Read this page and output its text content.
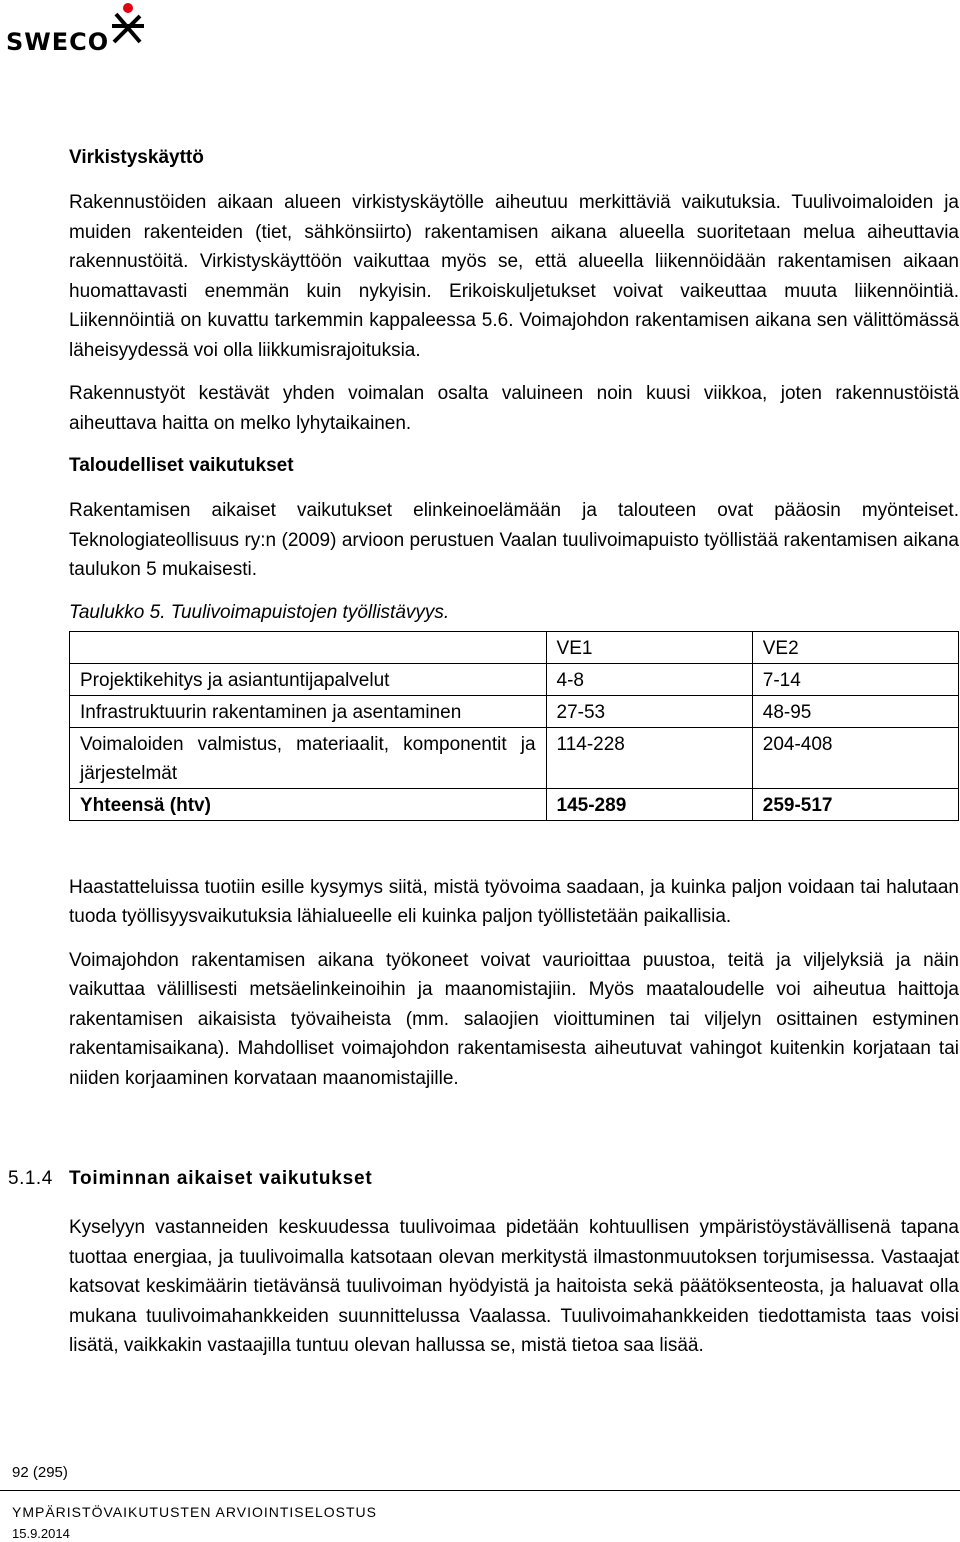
SWECO
Virkistyskäyttö

Rakennustöiden aikaan alueen virkistyskäytölle aiheutuu merkittäviä vaikutuksia. Tuulivoimaloiden ja muiden rakenteiden (tiet, sähkönsiirto) rakentamisen aikana alueella suoritetaan melua aiheuttavia rakennustöitä. Virkistyskäyttöön vaikuttaa myös se, että alueella liikennöidään rakentamisen aikaan huomattavasti enemmän kuin nykyisin. Erikoiskuljetukset voivat vaikeuttaa muuta liikennöintiä. Liikennöintiä on kuvattu tarkemmin kappaleessa 5.6. Voimajohdon rakentamisen aikana sen välittömässä läheisyydessä voi olla liikkumisrajoituksia.

Rakennustyöt kestävät yhden voimalan osalta valuineen noin kuusi viikkoa, joten rakennustöistä aiheuttava haitta on melko lyhytaikainen.

Taloudelliset vaikutukset

Rakentamisen aikaiset vaikutukset elinkeinoelämään ja talouteen ovat pääosin myönteiset. Teknologiateollisuus ry:n (2009) arvioon perustuen Vaalan tuulivoimapuisto työllistää rakentamisen aikana taulukon 5 mukaisesti.

Taulukko 5. Tuulivoimapuistojen työllistävyys.
	VE1	VE2
Projektikehitys ja asiantuntijapalvelut	4-8	7-14
Infrastruktuurin rakentaminen ja asentaminen	27-53	48-95
Voimaloiden valmistus, materiaalit, komponentit ja järjestelmät	114-228	204-408
Yhteensä (htv)	145-289	259-517

Haastatteluissa tuotiin esille kysymys siitä, mistä työvoima saadaan, ja kuinka paljon voidaan tai halutaan tuoda työllisyysvaikutuksia lähialueelle eli kuinka paljon työllistetään paikallisia.

Voimajohdon rakentamisen aikana työkoneet voivat vaurioittaa puustoa, teitä ja viljelyksiä ja näin vaikuttaa välillisesti metsäelinkeinoihin ja maanomistajiin. Myös maataloudelle voi aiheutua haittoja rakentamisen aikaisista työvaiheista (mm. salaojien vioittuminen tai viljelyn osittainen estyminen rakentamisaikana). Mahdolliset voimajohdon rakentamisesta aiheutuvat vahingot kuitenkin korjataan tai niiden korjaaminen korvataan maanomistajille.

5.1.4 Toiminnan aikaiset vaikutukset

Kyselyyn vastanneiden keskuudessa tuulivoimaa pidetään kohtuullisen ympäristöystävällisenä tapana tuottaa energiaa, ja tuulivoimalla katsotaan olevan merkitystä ilmastonmuutoksen torjumisessa. Vastaajat katsovat keskimäärin tietävänsä tuulivoiman hyödyistä ja haitoista sekä päätöksenteosta, ja haluavat olla mukana tuulivoimahankkeiden suunnittelussa Vaalassa. Tuulivoimahankkeiden tiedottamista taas voisi lisätä, vaikkakin vastaajilla tuntuu olevan hallussa se, mistä tietoa saa lisää.

92 (295)
YMPÄRISTÖVAIKUTUSTEN ARVIOINTISELOSTUS
15.9.2014
